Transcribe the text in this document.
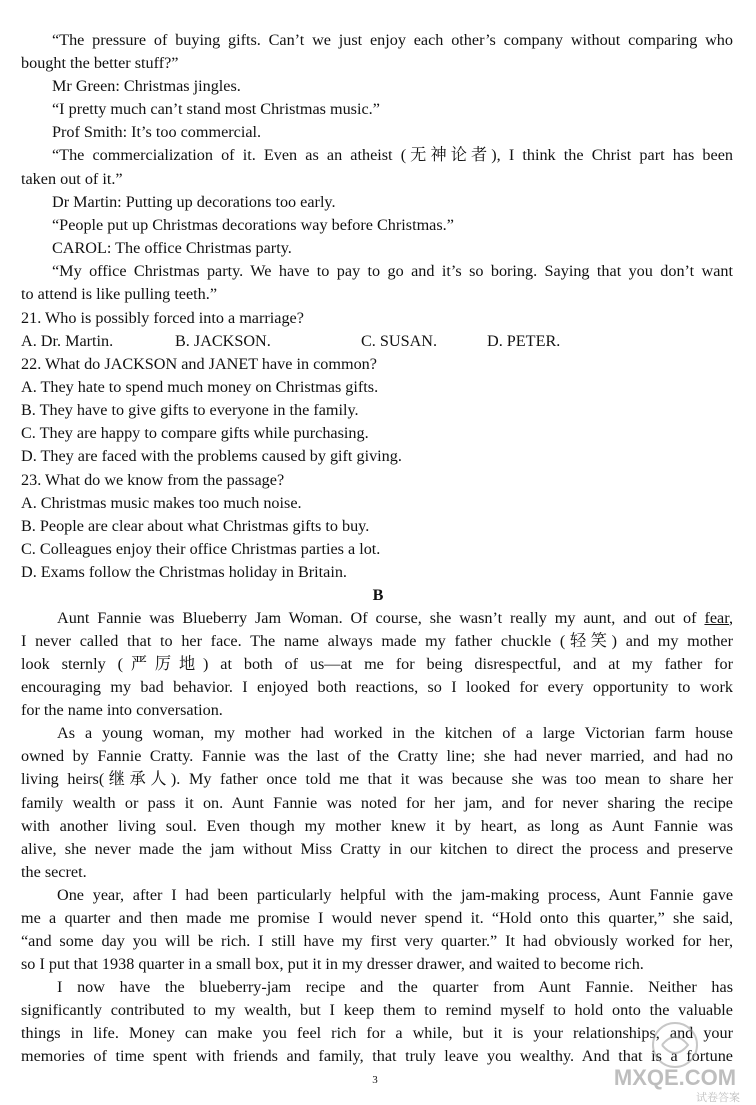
“The pressure of buying gifts. Can’t we just enjoy each other’s company without comparing who
bought the better stuff?”
Mr Green: Christmas jingles.
“I pretty much can’t stand most Christmas music.”
Prof Smith: It’s too commercial.
“The commercialization of it. Even as an atheist (无神论者), I think the Christ part has been
taken out of it.”
Dr Martin: Putting up decorations too early.
“People put up Christmas decorations way before Christmas.”
CAROL: The office Christmas party.
“My office Christmas party. We have to pay to go and it’s so boring. Saying that you don’t want
to attend is like pulling teeth.”
21. Who is possibly forced into a marriage?
A. Dr. Martin.	B. JACKSON.	C. SUSAN.	D. PETER.
22. What do JACKSON and JANET have in common?
A. They hate to spend much money on Christmas gifts.
B. They have to give gifts to everyone in the family.
C. They are happy to compare gifts while purchasing.
D. They are faced with the problems caused by gift giving.
23. What do we know from the passage?
A. Christmas music makes too much noise.
B. People are clear about what Christmas gifts to buy.
C. Colleagues enjoy their office Christmas parties a lot.
D. Exams follow the Christmas holiday in Britain.
B
Aunt Fannie was Blueberry Jam Woman. Of course, she wasn’t really my aunt, and out of fear,
I never called that to her face. The name always made my father chuckle (轻笑) and my mother
look sternly (严厉地) at both of us—at me for being disrespectful, and at my father for
encouraging my bad behavior. I enjoyed both reactions, so I looked for every opportunity to work
for the name into conversation.
As a young woman, my mother had worked in the kitchen of a large Victorian farm house
owned by Fannie Cratty. Fannie was the last of the Cratty line; she had never married, and had no
living heirs(继承人). My father once told me that it was because she was too mean to share her
family wealth or pass it on. Aunt Fannie was noted for her jam, and for never sharing the recipe
with another living soul. Even though my mother knew it by heart, as long as Aunt Fannie was
alive, she never made the jam without Miss Cratty in our kitchen to direct the process and preserve
the secret.
One year, after I had been particularly helpful with the jam-making process, Aunt Fannie gave
me a quarter and then made me promise I would never spend it. “Hold onto this quarter,” she said,
“and some day you will be rich. I still have my first very quarter.” It had obviously worked for her,
so I put that 1938 quarter in a small box, put it in my dresser drawer, and waited to become rich.
I now have the blueberry-jam recipe and the quarter from Aunt Fannie. Neither has
significantly contributed to my wealth, but I keep them to remind myself to hold onto the valuable
things in life. Money can make you feel rich for a while, but it is your relationships, and your
memories of time spent with friends and family, that truly leave you wealthy. And that is a fortune
3	MXQE.COM
试卷答案
